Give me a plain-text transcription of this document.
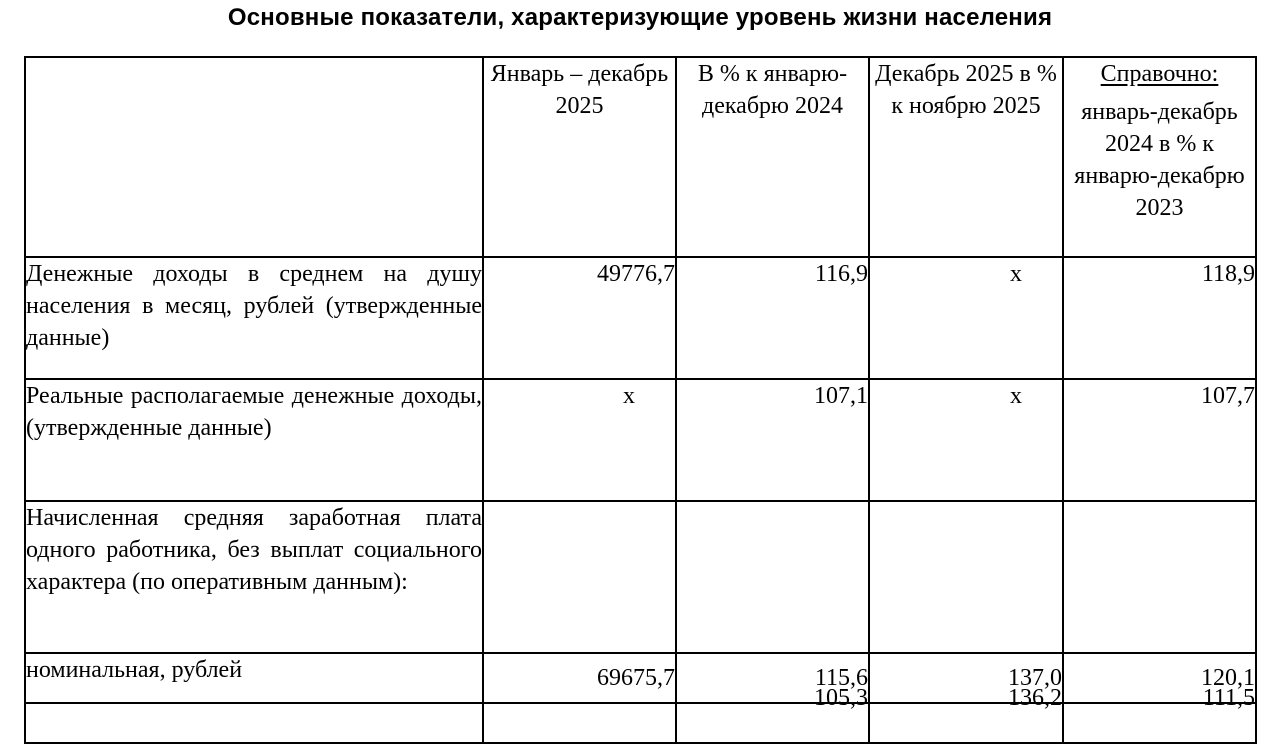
Основные показатели, характеризующие уровень жизни населения
	Январь – декабрь 2025	В % к январю-декабрю 2024	Декабрь 2025 в % к ноябрю 2025	Справочно:
январь-декабрь 2024 в % к январю-декабрю 2023

Денежные доходы в среднем на душу населения в месяц, рублей (утвержденные данные)	49776,7	116,9	x	118,9
Реальные располагаемые денежные доходы, (утвержденные данные)	x	107,1	x	107,7
Начисленная средняя заработная плата одного работника, без выплат социального характера (по оперативным данным):				
номинальная, рублей	69675,7	115,6	137,0	120,1
		105,3	136,2	111,5
